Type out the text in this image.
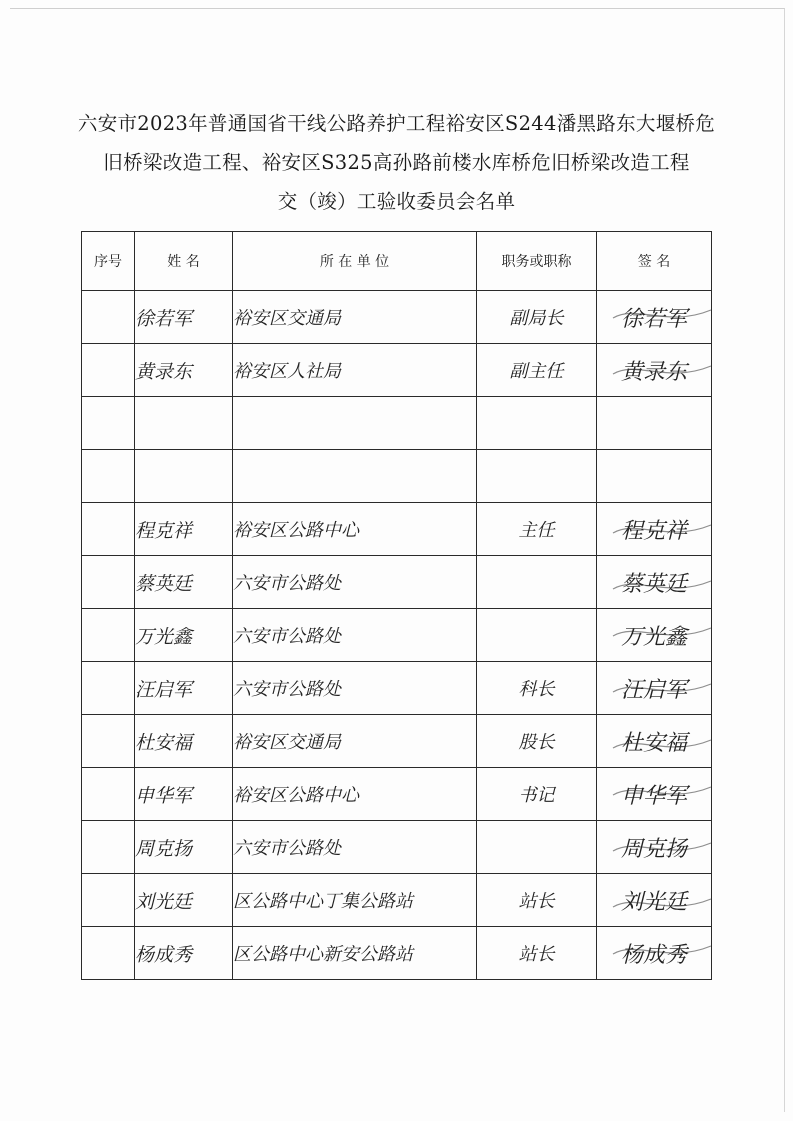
六安市2023年普通国省干线公路养护工程裕安区S244潘黑路东大堰桥危
旧桥梁改造工程、裕安区S325高孙路前楼水库桥危旧桥梁改造工程
交（竣）工验收委员会名单
序号	姓 名	所 在 单 位	职务或职称	签 名
	徐若军	裕安区交通局	副局长	徐若军

	黄录东	裕安区人社局	副主任	黄录东

	程克祥	裕安区公路中心	主任	程克祥

	蔡英廷	六安市公路处		蔡英廷

	万光鑫	六安市公路处		万光鑫

	汪启军	六安市公路处	科长	汪启军

	杜安福	裕安区交通局	股长	杜安福

	申华军	裕安区公路中心	书记	申华军

	周克扬	六安市公路处		周克扬

	刘光廷	区公路中心丁集公路站	站长	刘光廷

	杨成秀	区公路中心新安公路站	站长	杨成秀
